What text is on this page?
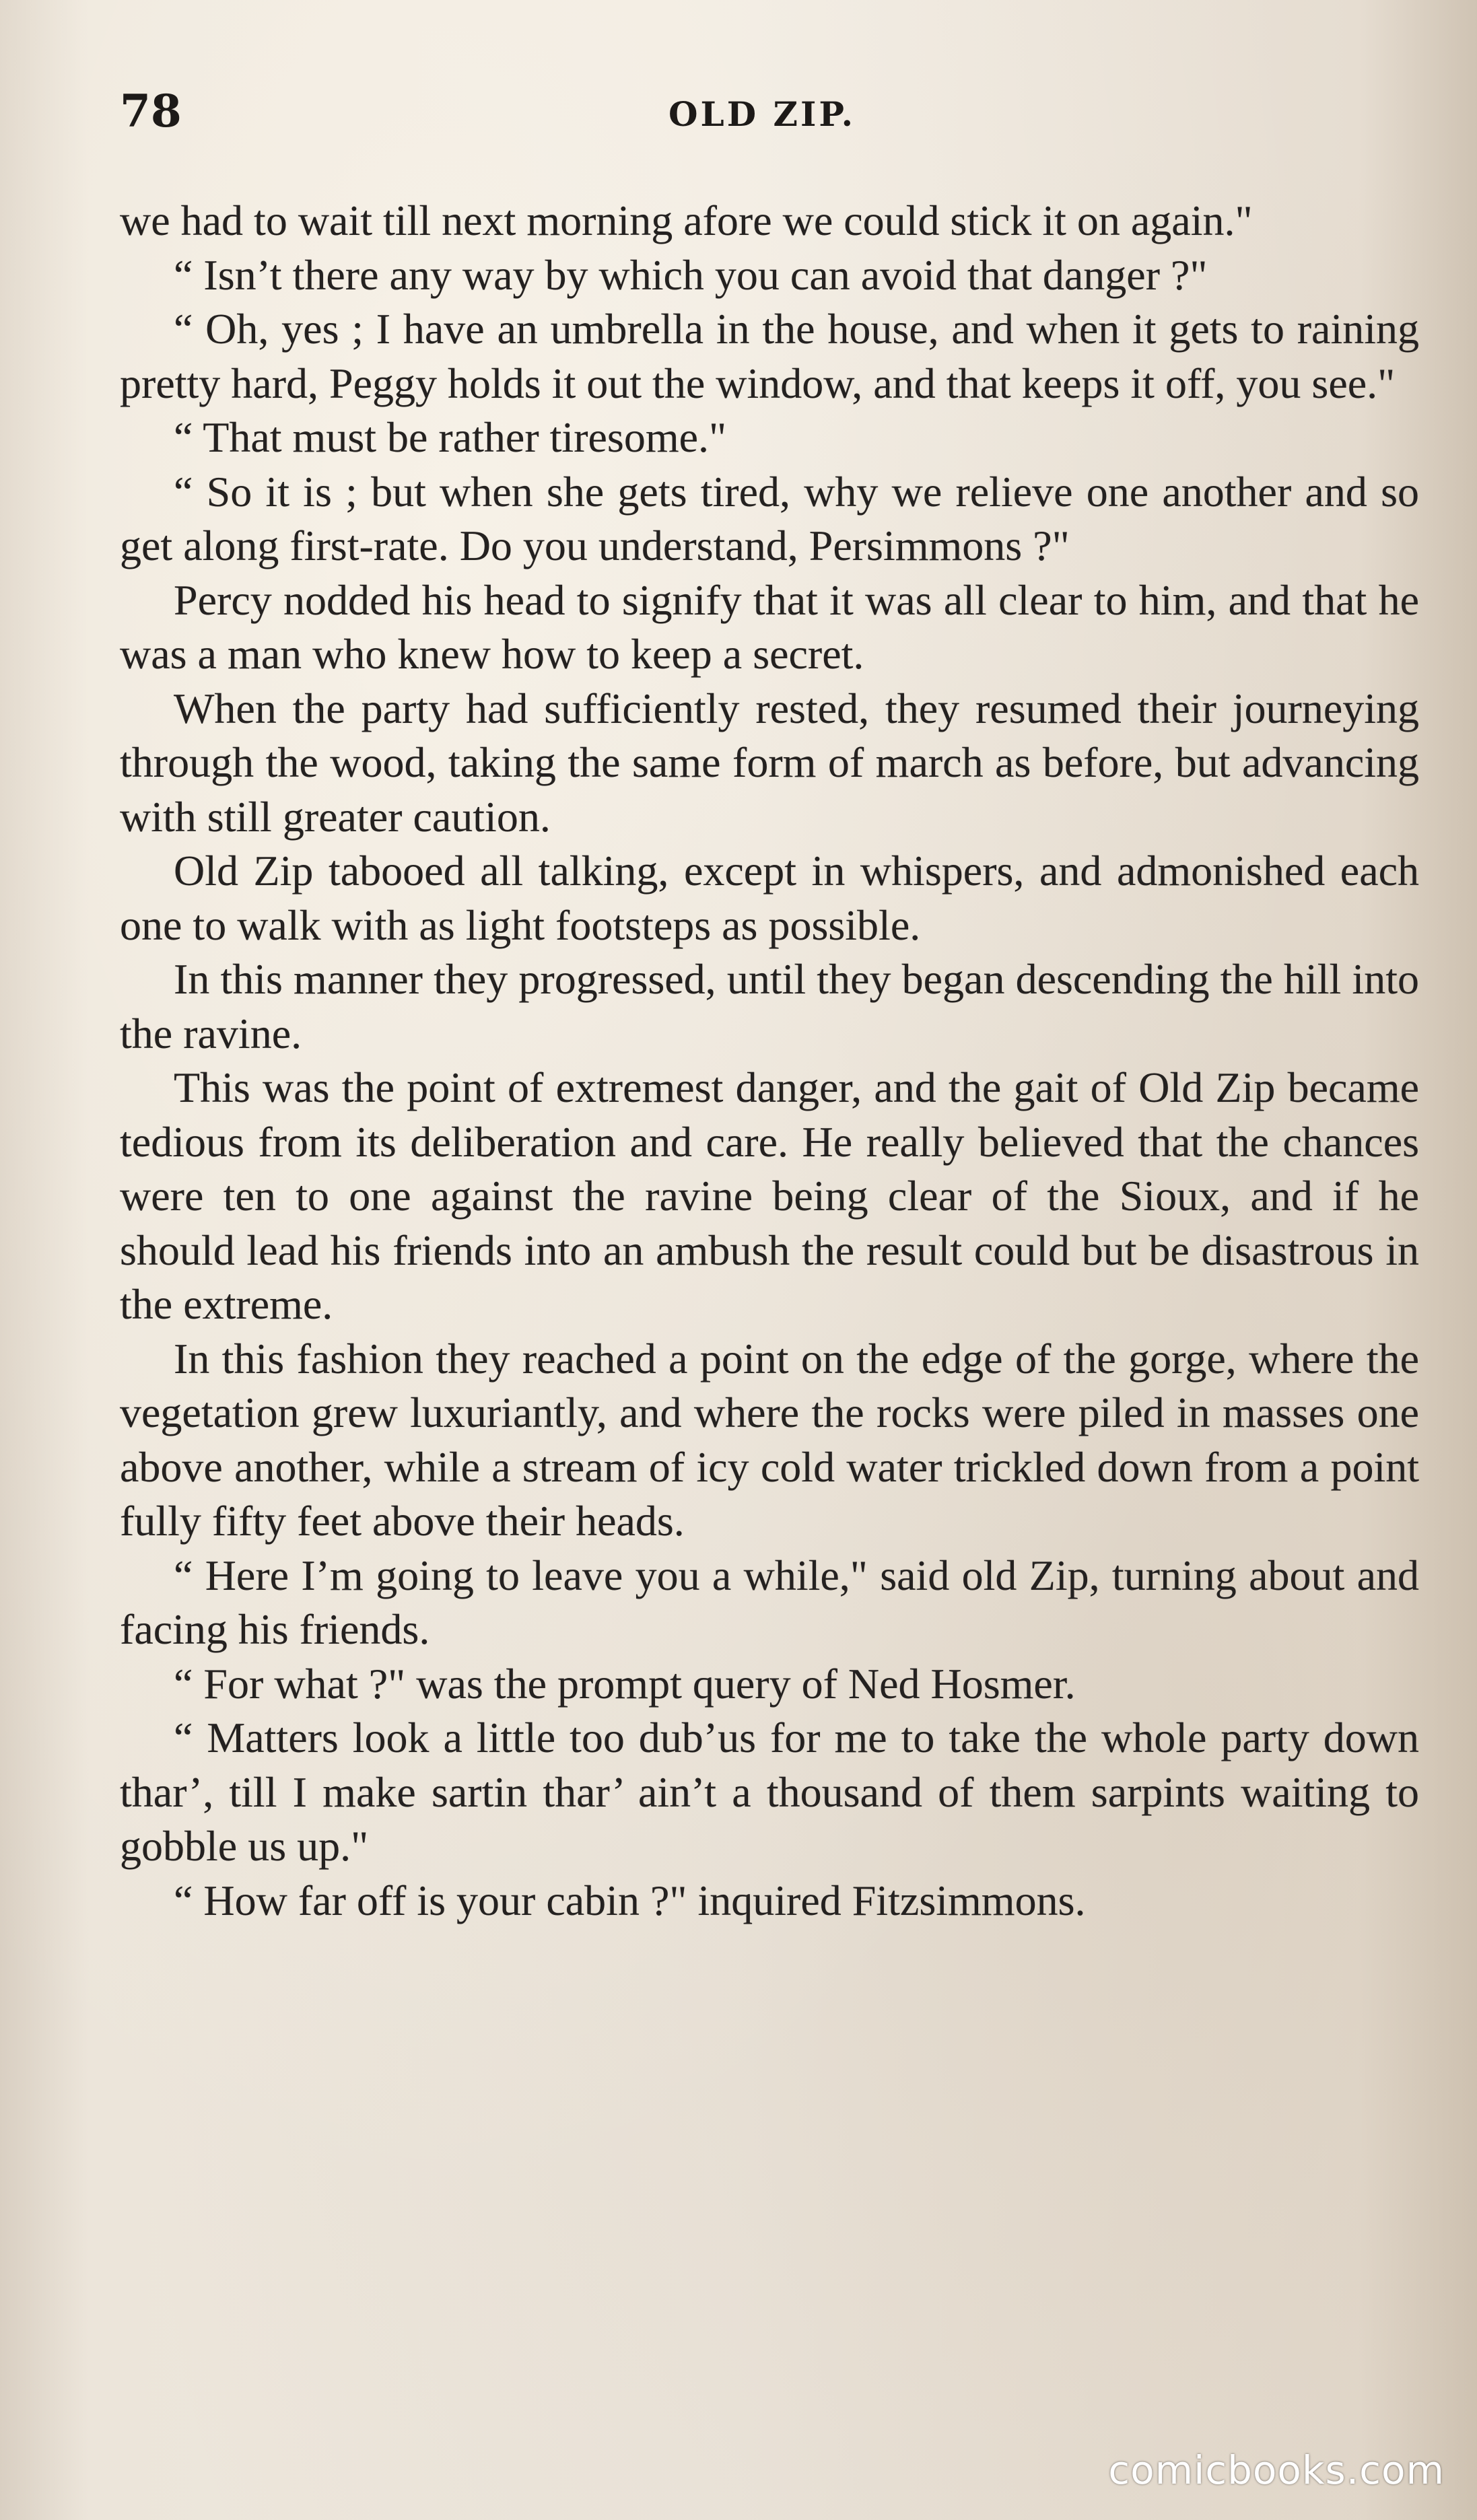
78	OLD ZIP.

we had to wait till next morning afore we could stick it on again."

“ Isn’t there any way by which you can avoid that danger ?"

“ Oh, yes ; I have an umbrella in the house, and when it gets to raining pretty hard, Peggy holds it out the window, and that keeps it off, you see."

“ That must be rather tiresome."

“ So it is ; but when she gets tired, why we relieve one another and so get along first-rate. Do you understand, Persimmons ?"

Percy nodded his head to signify that it was all clear to him, and that he was a man who knew how to keep a secret.

When the party had sufficiently rested, they resumed their journeying through the wood, taking the same form of march as before, but advancing with still greater caution.

Old Zip tabooed all talking, except in whispers, and admonished each one to walk with as light footsteps as possible.

In this manner they progressed, until they began descending the hill into the ravine.

This was the point of extremest danger, and the gait of Old Zip became tedious from its deliberation and care. He really believed that the chances were ten to one against the ravine being clear of the Sioux, and if he should lead his friends into an ambush the result could but be disastrous in the extreme.

In this fashion they reached a point on the edge of the gorge, where the vegetation grew luxuriantly, and where the rocks were piled in masses one above another, while a stream of icy cold water trickled down from a point fully fifty feet above their heads.

“ Here I’m going to leave you a while," said old Zip, turning about and facing his friends.

“ For what ?" was the prompt query of Ned Hosmer.

“ Matters look a little too dub’us for me to take the whole party down thar’, till I make sartin thar’ ain’t a thousand of them sarpints waiting to gobble us up."

“ How far off is your cabin ?" inquired Fitzsimmons.

comicbooks.com
